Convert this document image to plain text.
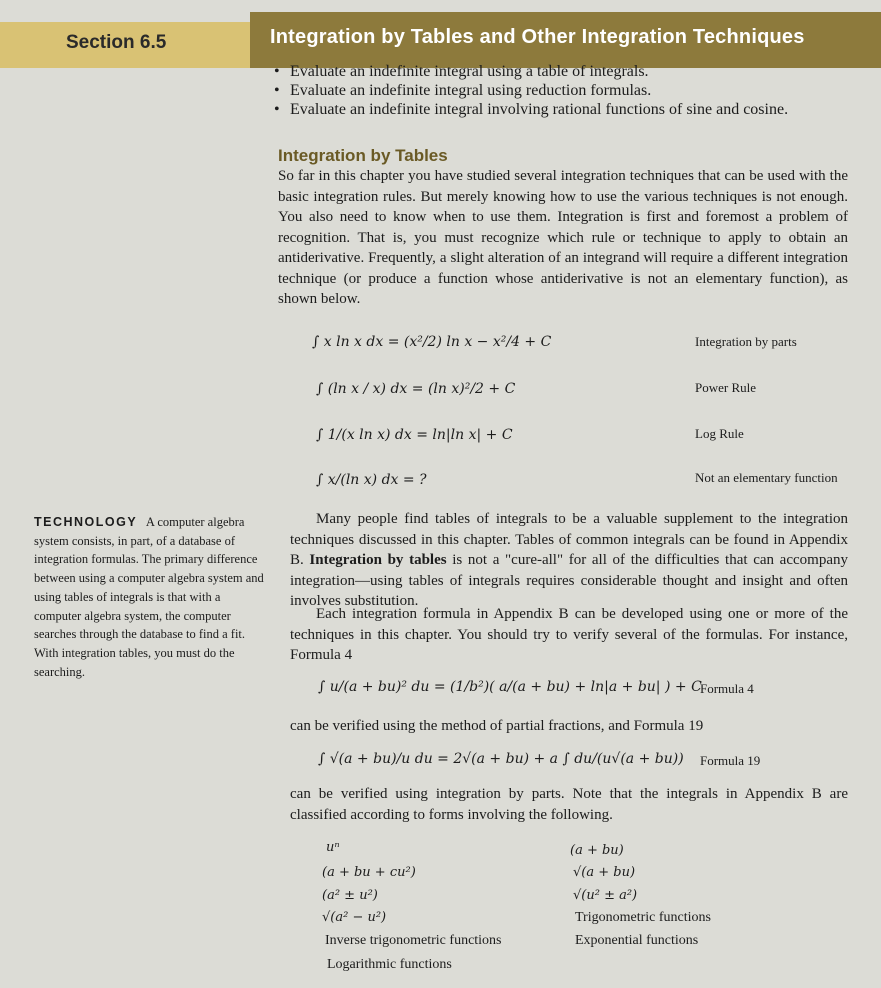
Section 6.5	Integration by Tables and Other Integration Techniques
• Evaluate an indefinite integral using a table of integrals.
• Evaluate an indefinite integral using reduction formulas.
• Evaluate an indefinite integral involving rational functions of sine and cosine.
Integration by Tables

So far in this chapter you have studied several integration techniques that can be used with the basic integration rules. But merely knowing how to use the various techniques is not enough. You also need to know when to use them. Integration is first and foremost a problem of recognition. That is, you must recognize which rule or technique to apply to obtain an antiderivative. Frequently, a slight alteration of an integrand will require a different integration technique (or produce a function whose antiderivative is not an elementary function), as shown below.

∫ x ln x dx = (x²/2) ln x − x²/4 + C	Integration by parts
∫ (ln x / x) dx = (ln x)²/2 + C	Power Rule
∫ 1/(x ln x) dx = ln|ln x| + C	Log Rule
∫ x/(ln x) dx = ?	Not an elementary function
TECHNOLOGY A computer algebra system consists, in part, of a database of integration formulas. The primary difference between using a computer algebra system and using tables of integrals is that with a computer algebra system, the computer searches through the database to find a fit. With integration tables, you must do the searching.

Many people find tables of integrals to be a valuable supplement to the integration techniques discussed in this chapter. Tables of common integrals can be found in Appendix B. Integration by tables is not a "cure-all" for all of the difficulties that can accompany integration—using tables of integrals requires considerable thought and insight and often involves substitution.

Each integration formula in Appendix B can be developed using one or more of the techniques in this chapter. You should try to verify several of the formulas. For instance, Formula 4

∫ u/(a + bu)² du = (1/b²)( a/(a + bu) + ln|a + bu| ) + C
Formula 4

can be verified using the method of partial fractions, and Formula 19

∫ √(a + bu)/u du = 2√(a + bu) + a ∫ du/(u√(a + bu)) Formula 19

can be verified using integration by parts. Note that the integrals in Appendix B are classified according to forms involving the following.

uⁿ
(a + bu + cu²)
(a² ± u²)
√(a² − u²)
Inverse trigonometric functions
Logarithmic functions
(a + bu)
√(a + bu)
√(u² ± a²)
Trigonometric functions
Exponential functions
